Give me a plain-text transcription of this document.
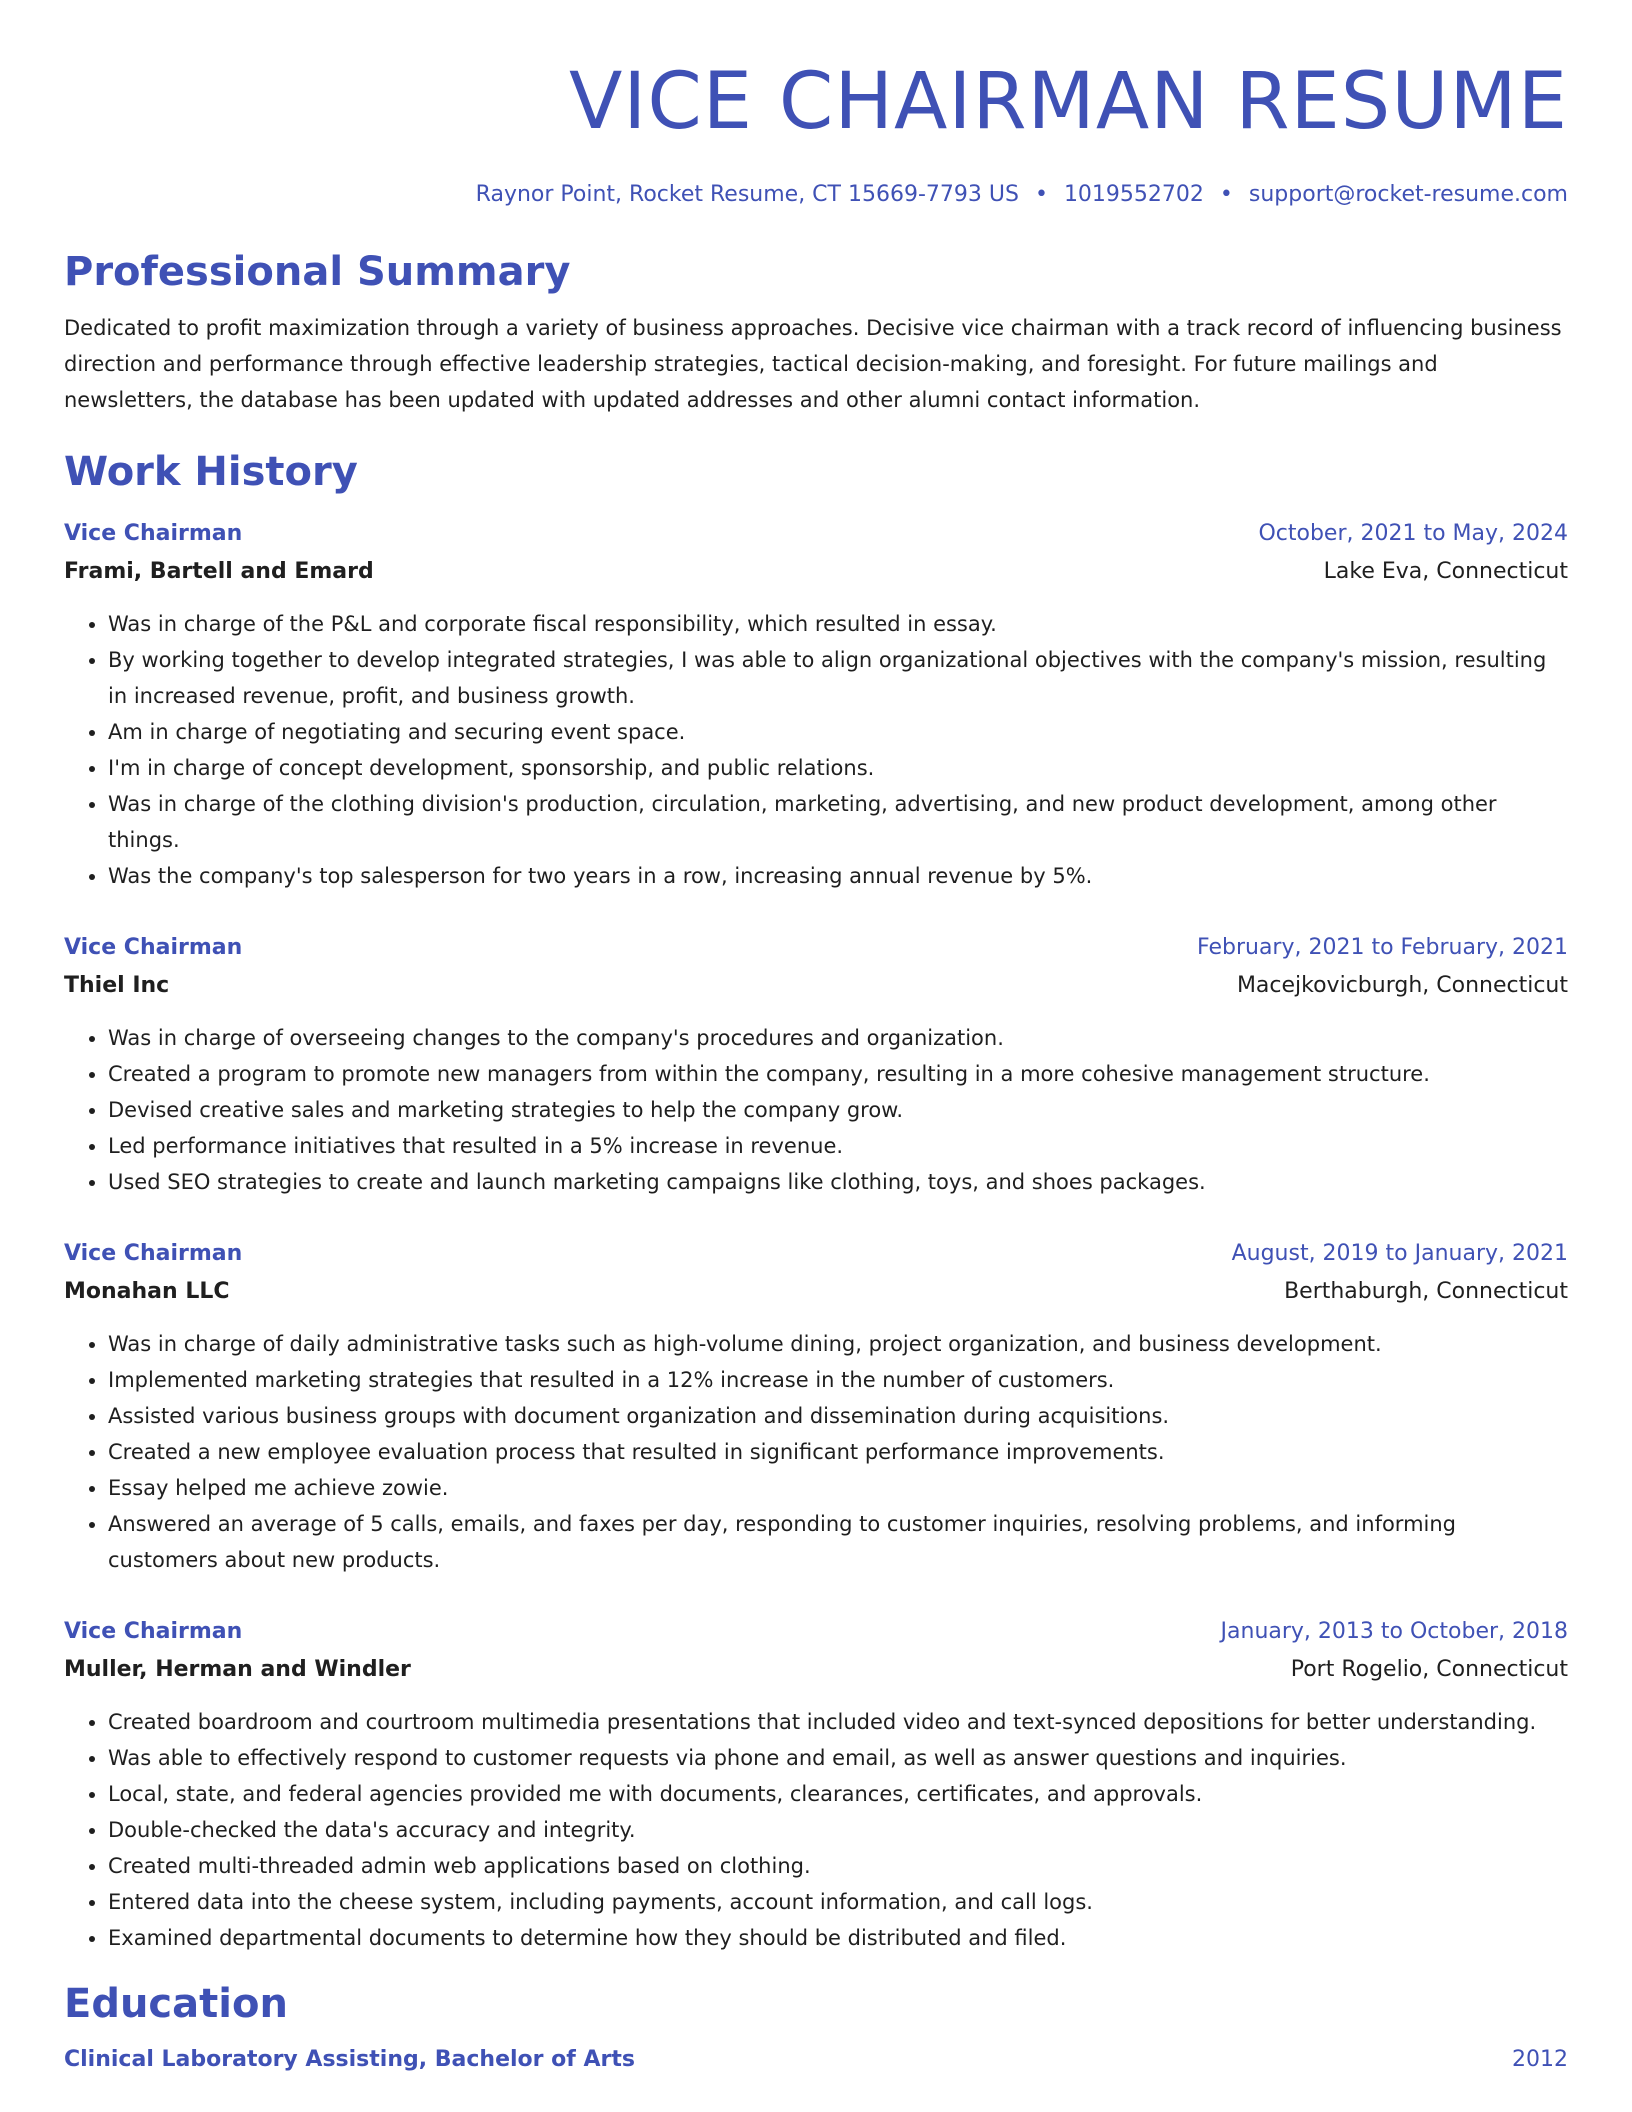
VICE CHAIRMAN RESUME
Raynor Point, Rocket Resume, CT 15669-7793 US • 1019552702 • support@rocket-resume.com
Professional Summary
Dedicated to profit maximization through a variety of business approaches. Decisive vice chairman with a track record of influencing business direction and performance through effective leadership strategies, tactical decision-making, and foresight. For future mailings and newsletters, the database has been updated with updated addresses and other alumni contact information.
Work History
Vice Chairman	October, 2021 to May, 2024
Frami, Bartell and Emard	Lake Eva, Connecticut
• Was in charge of the P&L and corporate fiscal responsibility, which resulted in essay.
• By working together to develop integrated strategies, I was able to align organizational objectives with the company's mission, resulting in increased revenue, profit, and business growth.
• Am in charge of negotiating and securing event space.
• I'm in charge of concept development, sponsorship, and public relations.
• Was in charge of the clothing division's production, circulation, marketing, advertising, and new product development, among other things.
• Was the company's top salesperson for two years in a row, increasing annual revenue by 5%.
Vice Chairman	February, 2021 to February, 2021
Thiel Inc	Macejkovicburgh, Connecticut
• Was in charge of overseeing changes to the company's procedures and organization.
• Created a program to promote new managers from within the company, resulting in a more cohesive management structure.
• Devised creative sales and marketing strategies to help the company grow.
• Led performance initiatives that resulted in a 5% increase in revenue.
• Used SEO strategies to create and launch marketing campaigns like clothing, toys, and shoes packages.
Vice Chairman	August, 2019 to January, 2021
Monahan LLC	Berthaburgh, Connecticut
• Was in charge of daily administrative tasks such as high-volume dining, project organization, and business development.
• Implemented marketing strategies that resulted in a 12% increase in the number of customers.
• Assisted various business groups with document organization and dissemination during acquisitions.
• Created a new employee evaluation process that resulted in significant performance improvements.
• Essay helped me achieve zowie.
• Answered an average of 5 calls, emails, and faxes per day, responding to customer inquiries, resolving problems, and informing customers about new products.
Vice Chairman	January, 2013 to October, 2018
Muller, Herman and Windler	Port Rogelio, Connecticut
• Created boardroom and courtroom multimedia presentations that included video and text-synced depositions for better understanding.
• Was able to effectively respond to customer requests via phone and email, as well as answer questions and inquiries.
• Local, state, and federal agencies provided me with documents, clearances, certificates, and approvals.
• Double-checked the data's accuracy and integrity.
• Created multi-threaded admin web applications based on clothing.
• Entered data into the cheese system, including payments, account information, and call logs.
• Examined departmental documents to determine how they should be distributed and filed.
Education
Clinical Laboratory Assisting, Bachelor of Arts	2012
